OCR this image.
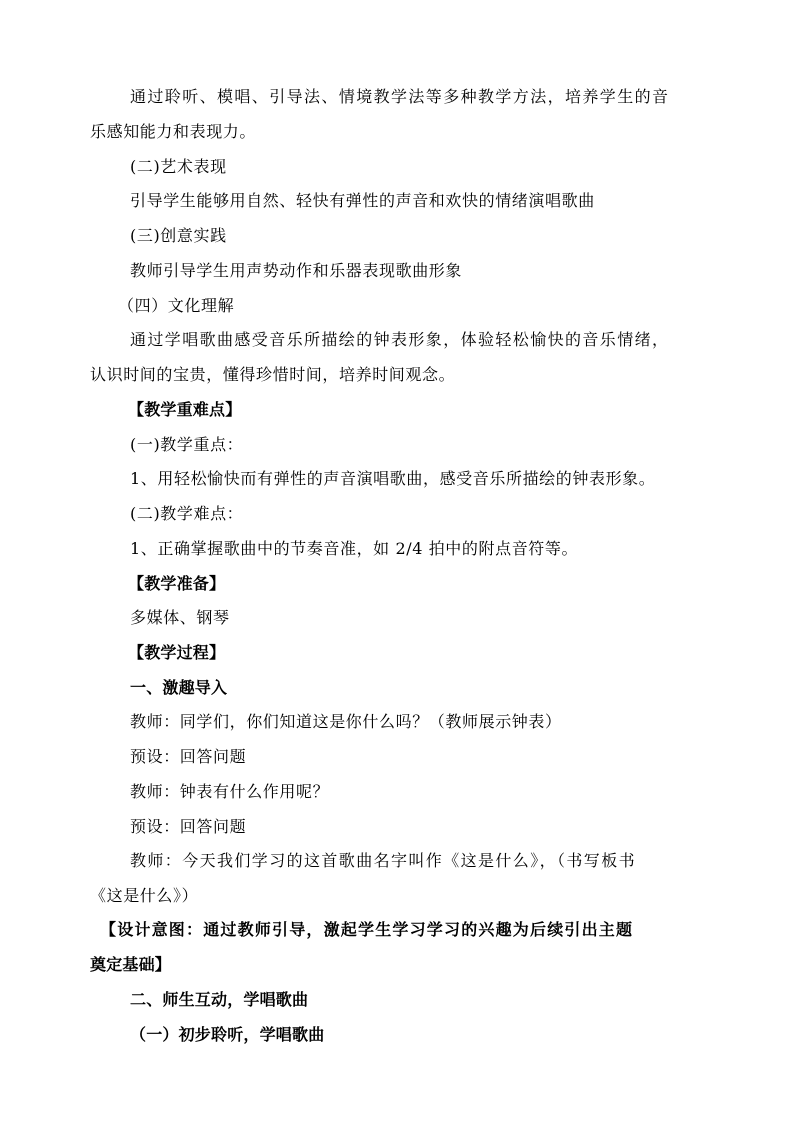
通过聆听、模唱、引导法、情境教学法等多种教学方法，培养学生的音
乐感知能力和表现力。
(二)艺术表现
引导学生能够用自然、轻快有弹性的声音和欢快的情绪演唱歌曲
(三)创意实践
教师引导学生用声势动作和乐器表现歌曲形象
（四）文化理解
通过学唱歌曲感受音乐所描绘的钟表形象，体验轻松愉快的音乐情绪，
认识时间的宝贵，懂得珍惜时间，培养时间观念。
【教学重难点】
(一)教学重点：
1、用轻松愉快而有弹性的声音演唱歌曲，感受音乐所描绘的钟表形象。
(二)教学难点：
1、正确掌握歌曲中的节奏音准，如 2/4 拍中的附点音符等。
【教学准备】
多媒体、钢琴
【教学过程】
一、激趣导入
教师：同学们，你们知道这是你什么吗？（教师展示钟表）
预设：回答问题
教师：钟表有什么作用呢？
预设：回答问题
教师：今天我们学习的这首歌曲名字叫作《这是什么》，（书写板书
《这是什么》）
【设计意图：通过教师引导，激起学生学习学习的兴趣为后续引出主题
奠定基础】
二、师生互动，学唱歌曲
（一）初步聆听，学唱歌曲
